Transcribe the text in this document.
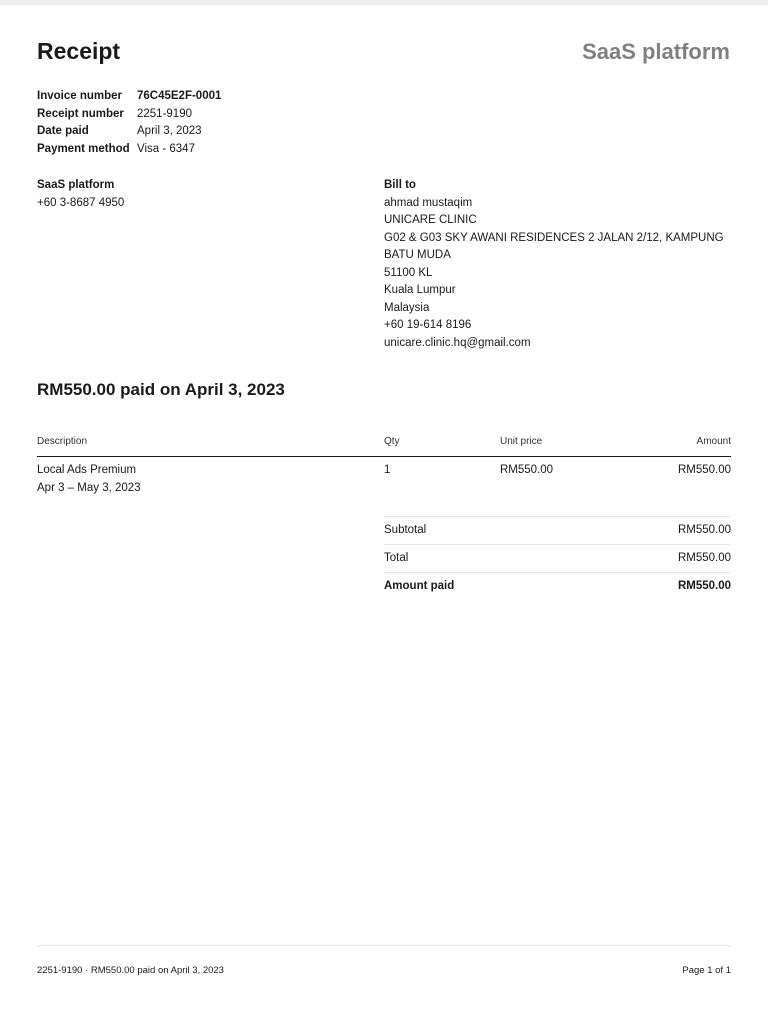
Receipt	SaaS platform
Invoice number	76C45E2F-0001
Receipt number	2251-9190
Date paid	April 3, 2023
Payment method Visa - 6347
SaaS platform
+60 3-8687 4950
Bill to
ahmad mustaqim
UNICARE CLINIC
G02 & G03 SKY AWANI RESIDENCES 2 JALAN 2/12, KAMPUNG
BATU MUDA
51100 KL
Kuala Lumpur
Malaysia
+60 19-614 8196
unicare.clinic.hq@gmail.com
RM550.00 paid on April 3, 2023
Description	Qty	Unit price	Amount
Local Ads Premium
Apr 3 – May 3, 2023
1	RM550.00	RM550.00
Subtotal	RM550.00
Total	RM550.00
Amount paid	RM550.00
2251-9190 · RM550.00 paid on April 3, 2023	Page 1 of 1
